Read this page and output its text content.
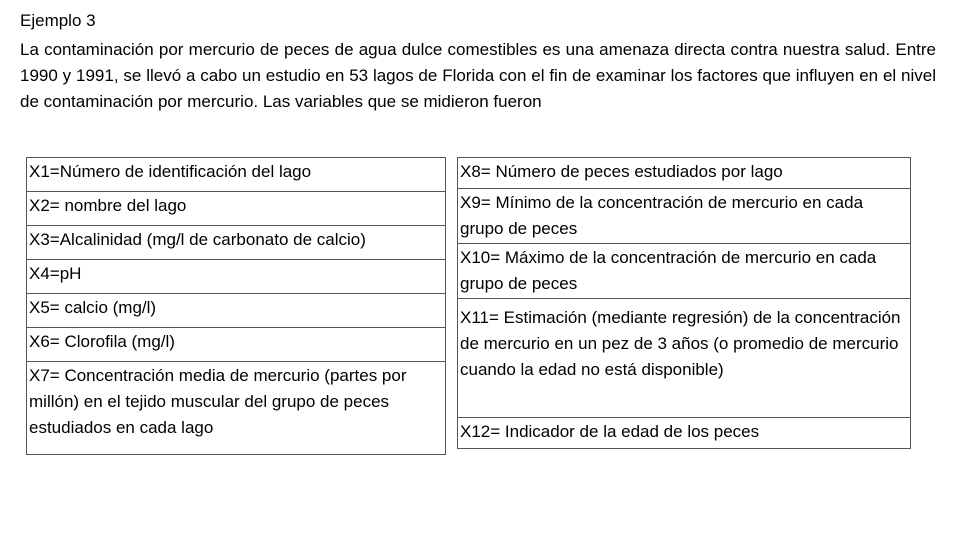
Ejemplo 3
La contaminación por mercurio de peces de agua dulce comestibles es una amenaza directa contra nuestra salud. Entre 1990 y 1991, se llevó a cabo un estudio en 53 lagos de Florida con el fin de examinar los factores que influyen en el nivel de contaminación por mercurio. Las variables que se midieron fueron
X1=Número de identificación del lago
X2= nombre del lago
X3=Alcalinidad (mg/l de carbonato de calcio)
X4=pH
X5= calcio (mg/l)
X6= Clorofila (mg/l)
X7= Concentración media de mercurio (partes por millón) en el tejido muscular del grupo de peces estudiados en cada lago
X8= Número de peces estudiados por lago
X9= Mínimo de la concentración de mercurio en cada grupo de peces
X10= Máximo de la concentración de mercurio en cada grupo de peces
X11= Estimación (mediante regresión) de la concentración de mercurio en un pez de 3 años (o promedio de mercurio cuando la edad no está disponible)
X12= Indicador de la edad de los peces
